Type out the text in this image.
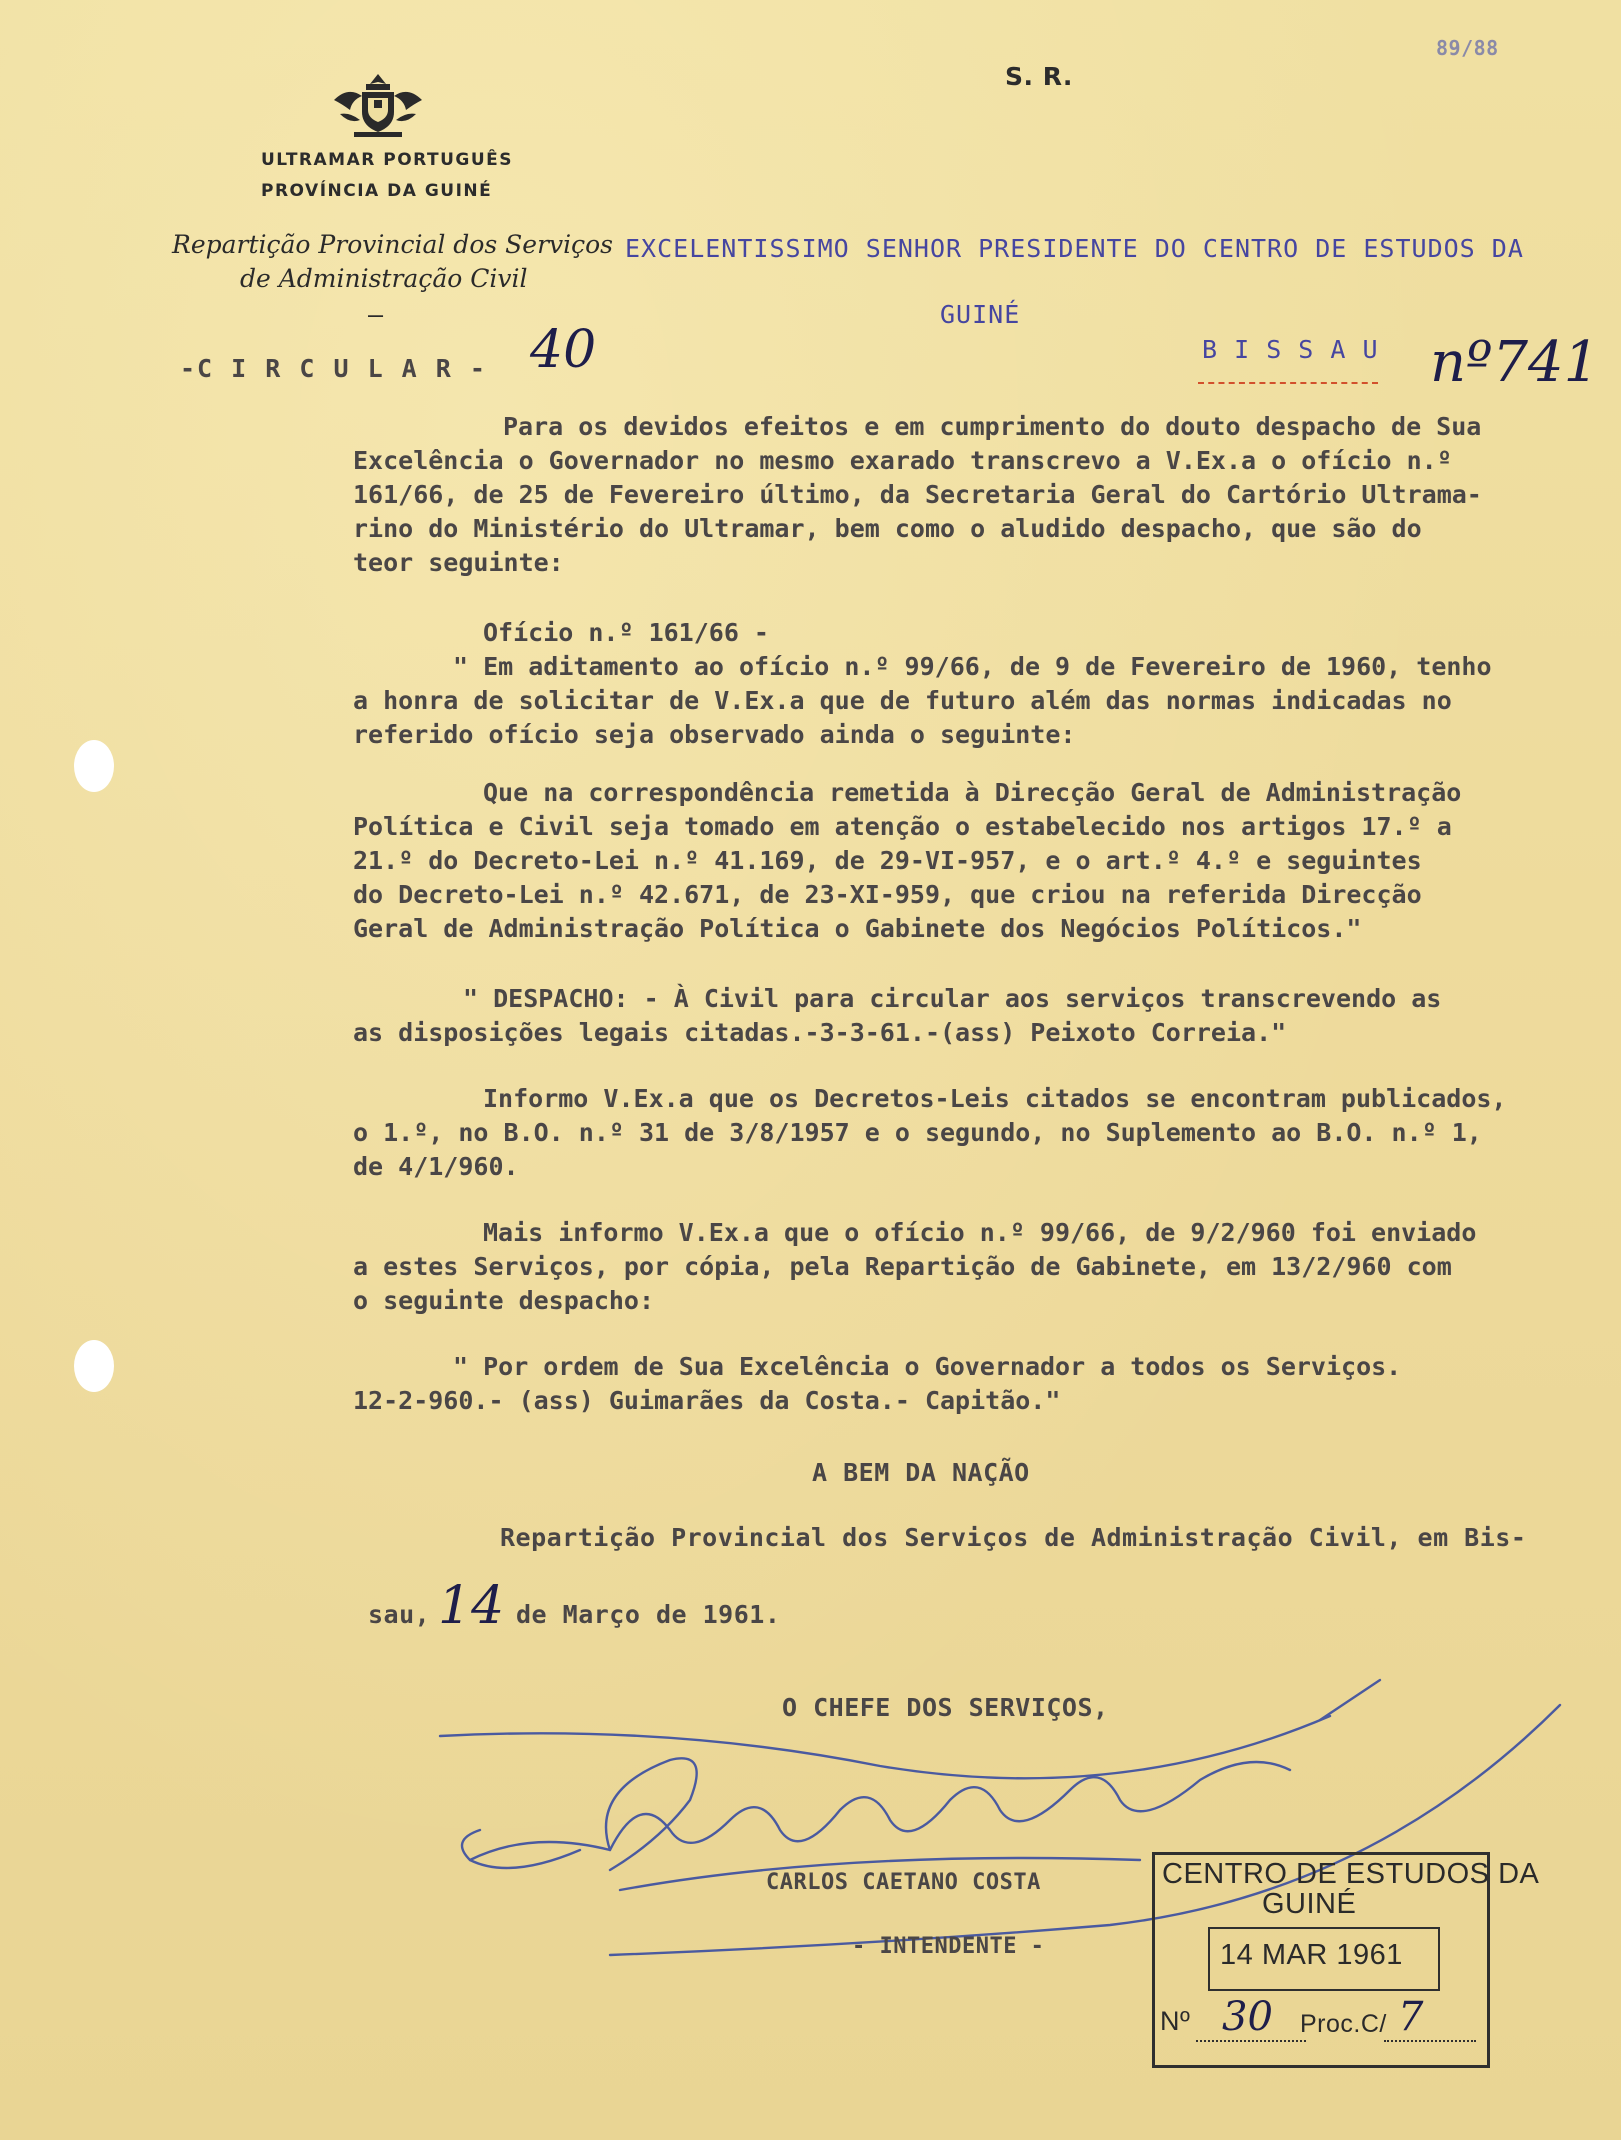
ULTRAMAR PORTUGUÊS
PROVÍNCIA DA GUINÉ
Repartição Provincial dos Serviços
de Administração Civil
—
S. R.
89/88
EXCELENTISSIMO SENHOR PRESIDENTE DO CENTRO DE ESTUDOS DA
GUINÉ
-C I R C U L A R - 40	B I S S A U nº741
Para os devidos efeitos e em cumprimento do douto despacho de Sua
Excelência o Governador no mesmo exarado transcrevo a V.Ex.a o ofício n.º
161/66, de 25 de Fevereiro último, da Secretaria Geral do Cartório Ultrama-
rino do Ministério do Ultramar, bem como o aludido despacho, que são do
teor seguinte:
Ofício n.º 161/66 -
" Em aditamento ao ofício n.º 99/66, de 9 de Fevereiro de 1960, tenho
a honra de solicitar de V.Ex.a que de futuro além das normas indicadas no
referido ofício seja observado ainda o seguinte:
Que na correspondência remetida à Direcção Geral de Administração
Política e Civil seja tomado em atenção o estabelecido nos artigos 17.º a
21.º do Decreto-Lei n.º 41.169, de 29-VI-957, e o art.º 4.º e seguintes
do Decreto-Lei n.º 42.671, de 23-XI-959, que criou na referida Direcção
Geral de Administração Política o Gabinete dos Negócios Políticos."
" DESPACHO: - À Civil para circular aos serviços transcrevendo as
as disposições legais citadas.-3-3-61.-(ass) Peixoto Correia."
Informo V.Ex.a que os Decretos-Leis citados se encontram publicados,
o 1.º, no B.O. n.º 31 de 3/8/1957 e o segundo, no Suplemento ao B.O. n.º 1,
de 4/1/960.
Mais informo V.Ex.a que o ofício n.º 99/66, de 9/2/960 foi enviado
a estes Serviços, por cópia, pela Repartição de Gabinete, em 13/2/960 com
o seguinte despacho:
" Por ordem de Sua Excelência o Governador a todos os Serviços.
12-2-960.- (ass) Guimarães da Costa.- Capitão."
A BEM DA NAÇÃO
Repartição Provincial dos Serviços de Administração Civil, em Bis-
sau, 14 de Março de 1961.
O CHEFE DOS SERVIÇOS,
CARLOS CAETANO COSTA
- INTENDENTE -
CENTRO DE ESTUDOS DA
GUINÉ
14 MAR 1961
Nº 30 Proc.C/ 7
